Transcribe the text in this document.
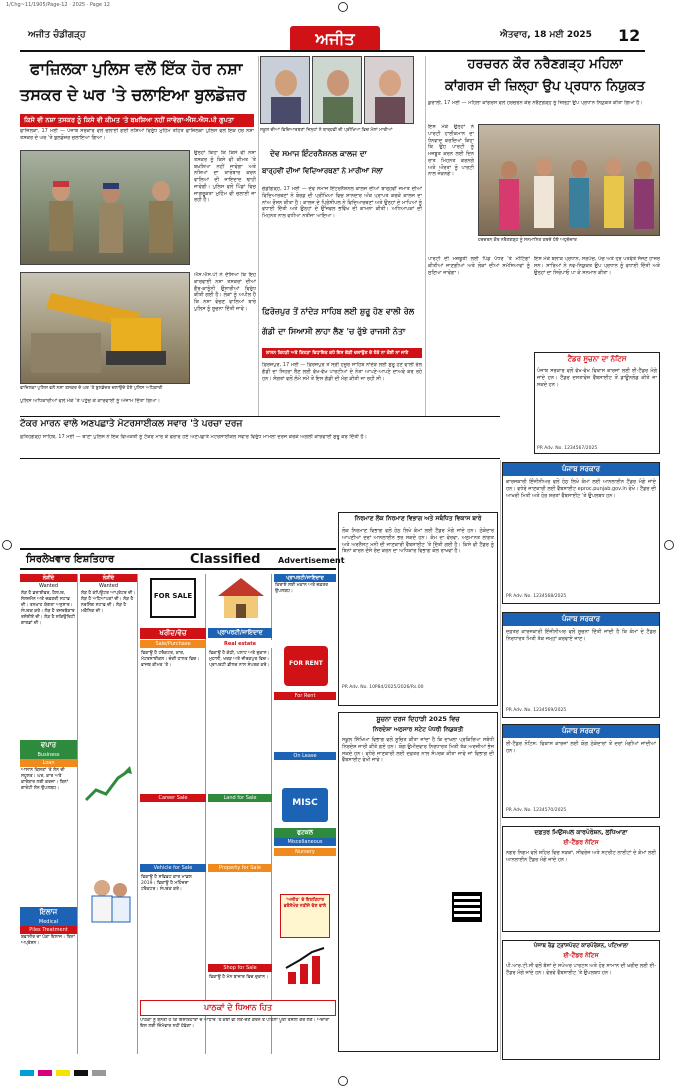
1/Chg~11/1905/Page-12 · 2025 · Page 12
ਅਜੀਤ ਚੰਡੀਗੜ੍ਹ	ਅਜੀਤ	ਐਤਵਾਰ, 18 ਮਈ 2025 12
ਫਾਜ਼ਿਲਕਾ ਪੁਲਿਸ ਵਲੋਂ ਇੱਕ ਹੋਰ ਨਸ਼ਾ
ਤਸਕਰ ਦੇ ਘਰ 'ਤੇ ਚਲਾਇਆ ਬੁਲਡੋਜ਼ਰ
ਕਿਸੇ ਵੀ ਨਸ਼ਾ ਤਸਕਰ ਨੂੰ ਕਿਸੇ ਵੀ ਕੀਮਤ 'ਤੇ ਬਖ਼ਸ਼ਿਆ ਨਹੀਂ ਜਾਵੇਗਾ-ਐਸ.ਐਸ.ਪੀ ਗੁਪਤਾ
ਫਾਜ਼ਿਲਕਾ, 17 ਮਈ — ਪੰਜਾਬ ਸਰਕਾਰ ਵਲੋਂ ਚਲਾਈ ਗਈ ਨਸ਼ਿਆਂ ਵਿਰੁੱਧ ਮੁਹਿੰਮ ਤਹਿਤ ਫਾਜ਼ਿਲਕਾ ਪੁਲਿਸ ਵਲੋਂ ਇਕ ਹੋਰ ਨਸ਼ਾ ਤਸਕਰ ਦੇ ਘਰ 'ਤੇ ਬੁਲਡੋਜ਼ਰ ਚਲਾਇਆ ਗਿਆ।
ਉਨ੍ਹਾਂ ਕਿਹਾ ਕਿ ਕਿਸੇ ਵੀ ਨਸ਼ਾ ਤਸਕਰ ਨੂੰ ਕਿਸੇ ਵੀ ਕੀਮਤ 'ਤੇ ਬਖ਼ਸ਼ਿਆ ਨਹੀਂ ਜਾਵੇਗਾ ਅਤੇ ਨਸ਼ਿਆਂ ਦਾ ਕਾਰੋਬਾਰ ਕਰਨ ਵਾਲਿਆਂ ਦੀ ਜਾਇਦਾਦ ਢਾਹੀ ਜਾਵੇਗੀ। ਪੁਲਿਸ ਵਲੋਂ ਪਿੰਡਾਂ ਵਿਚ ਜਾਗਰੂਕਤਾ ਮੁਹਿੰਮ ਵੀ ਚਲਾਈ ਜਾ ਰਹੀ ਹੈ।
ਐਸ.ਐਸ.ਪੀ ਨੇ ਦੱਸਿਆ ਕਿ ਇਹ ਕਾਰਵਾਈ ਨਸ਼ਾ ਤਸਕਰਾਂ ਦੀਆਂ ਗੈਰ-ਕਾਨੂੰਨੀ ਉਸਾਰੀਆਂ ਵਿਰੁੱਧ ਕੀਤੀ ਗਈ ਹੈ। ਲੋਕਾਂ ਨੂੰ ਅਪੀਲ ਹੈ ਕਿ ਨਸ਼ਾ ਵੇਚਣ ਵਾਲਿਆਂ ਬਾਰੇ ਪੁਲਿਸ ਨੂੰ ਸੂਚਨਾ ਦਿੱਤੀ ਜਾਵੇ।
ਫਾਜ਼ਿਲਕਾ ਪੁਲਿਸ ਵਲੋਂ ਨਸ਼ਾ ਤਸਕਰ ਦੇ ਘਰ 'ਤੇ ਬੁਲਡੋਜ਼ਰ ਚਲਾਉਂਦੇ ਹੋਏ ਪੁਲਿਸ ਅਧਿਕਾਰੀ
ਪੁਲਿਸ ਅਧਿਕਾਰੀਆਂ ਵਲੋਂ ਮੌਕੇ 'ਤੇ ਪਹੁੰਚ ਕੇ ਕਾਰਵਾਈ ਨੂੰ ਅੰਜਾਮ ਦਿੱਤਾ ਗਿਆ।
ਟੱਕਰ ਮਾਰਨ ਵਾਲੇ ਅਣਪਛਾਤੇ ਮੋਟਰਸਾਈਕਲ ਸਵਾਰ 'ਤੇ ਪਰਚਾ ਦਰਜ
ਫ਼ਤਿਹਗੜ੍ਹ ਸਾਹਿਬ, 17 ਮਈ — ਥਾਣਾ ਪੁਲਿਸ ਨੇ ਇਕ ਵਿਅਕਤੀ ਨੂੰ ਟੱਕਰ ਮਾਰ ਕੇ ਫਰਾਰ ਹੋਏ ਅਣਪਛਾਤੇ ਮੋਟਰਸਾਈਕਲ ਸਵਾਰ ਵਿਰੁੱਧ ਮਾਮਲਾ ਦਰਜ ਕਰਕੇ ਅਗਲੀ ਕਾਰਵਾਈ ਸ਼ੁਰੂ ਕਰ ਦਿੱਤੀ ਹੈ।
ਸਕੂਲ ਦੀਆਂ ਵਿਦਿਆਰਥਣਾਂ ਜਿਨ੍ਹਾਂ ਨੇ ਬਾਰ੍ਹਵੀਂ ਦੀ ਪ੍ਰੀਖਿਆ ਵਿਚ ਮੱਲਾਂ ਮਾਰੀਆਂ
ਦੇਵ ਸਮਾਜ ਇੰਟਰਨੈਸ਼ਨਲ ਕਾਲਜ ਦਾ
ਬਾਰ੍ਹਵੀਂ ਦੀਆਂ ਵਿਦਿਆਰਥਣਾਂ ਨੇ ਮਾਰੀਆਂ ਮੱਲਾਂ
ਚੰਡੀਗੜ੍ਹ, 17 ਮਈ — ਦੇਵ ਸਮਾਜ ਇੰਟਰਨੈਸ਼ਨਲ ਕਾਲਜ ਦੀਆਂ ਬਾਰ੍ਹਵੀਂ ਜਮਾਤ ਦੀਆਂ ਵਿਦਿਆਰਥਣਾਂ ਨੇ ਬੋਰਡ ਦੀ ਪ੍ਰੀਖਿਆ ਵਿਚ ਸ਼ਾਨਦਾਰ ਅੰਕ ਪ੍ਰਾਪਤ ਕਰਕੇ ਕਾਲਜ ਦਾ ਨਾਂਅ ਰੌਸ਼ਨ ਕੀਤਾ ਹੈ। ਕਾਲਜ ਦੇ ਪ੍ਰਿੰਸੀਪਲ ਨੇ ਵਿਦਿਆਰਥਣਾਂ ਅਤੇ ਉਨ੍ਹਾਂ ਦੇ ਮਾਪਿਆਂ ਨੂੰ ਵਧਾਈ ਦਿੱਤੀ ਅਤੇ ਉਨ੍ਹਾਂ ਦੇ ਉੱਜਵਲ ਭਵਿੱਖ ਦੀ ਕਾਮਨਾ ਕੀਤੀ। ਅਧਿਆਪਕਾਂ ਦੀ ਮਿਹਨਤ ਨਾਲ ਵਧੀਆ ਨਤੀਜਾ ਆਇਆ।
ਹਰਚਰਨ ਕੌਰ ਨਰੈਣਗੜ੍ਹ ਮਹਿਲਾ
ਕਾਂਗਰਸ ਦੀ ਜ਼ਿਲ੍ਹਾ ਉਪ ਪ੍ਰਧਾਨ ਨਿਯੁਕਤ
ਕੁਰਾਲੀ, 17 ਮਈ — ਮਹਿਲਾ ਕਾਂਗਰਸ ਵਲੋਂ ਹਰਚਰਨ ਕੌਰ ਨਰੈਣਗੜ੍ਹ ਨੂੰ ਜ਼ਿਲ੍ਹਾ ਉਪ ਪ੍ਰਧਾਨ ਨਿਯੁਕਤ ਕੀਤਾ ਗਿਆ ਹੈ।
ਇਸ ਮੌਕੇ ਉਨ੍ਹਾਂ ਨੇ ਪਾਰਟੀ ਹਾਈਕਮਾਨ ਦਾ ਧੰਨਵਾਦ ਕਰਦਿਆਂ ਕਿਹਾ ਕਿ ਉਹ ਪਾਰਟੀ ਨੂੰ ਮਜ਼ਬੂਤ ਕਰਨ ਲਈ ਦਿਨ ਰਾਤ ਮਿਹਨਤ ਕਰਨਗੇ ਅਤੇ ਔਰਤਾਂ ਨੂੰ ਪਾਰਟੀ ਨਾਲ ਜੋੜਨਗੇ।
ਹਰਚਰਨ ਕੌਰ ਨਰੈਣਗੜ੍ਹ ਨੂੰ ਸਨਮਾਨਿਤ ਕਰਦੇ ਹੋਏ ਅਹੁਦੇਦਾਰ
ਇਸ ਮੌਕੇ ਬਲਾਕ ਪ੍ਰਧਾਨ, ਸਰਪੰਚ, ਪੰਚ ਅਤੇ ਹੋਰ ਪਤਵੰਤੇ ਸੱਜਣ ਹਾਜ਼ਰ ਸਨ। ਸਾਰਿਆਂ ਨੇ ਨਵ-ਨਿਯੁਕਤ ਉਪ ਪ੍ਰਧਾਨ ਨੂੰ ਵਧਾਈ ਦਿੱਤੀ ਅਤੇ ਉਨ੍ਹਾਂ ਦਾ ਸਿਰੋਪਾਓ ਪਾ ਕੇ ਸਨਮਾਨ ਕੀਤਾ।
ਪਾਰਟੀ ਦੀ ਮਜ਼ਬੂਤੀ ਲਈ ਪਿੰਡ ਪੱਧਰ 'ਤੇ ਮੀਟਿੰਗਾਂ ਕੀਤੀਆਂ ਜਾਣਗੀਆਂ ਅਤੇ ਲੋਕਾਂ ਦੀਆਂ ਸਮੱਸਿਆਵਾਂ ਨੂੰ ਸੁਣਿਆ ਜਾਵੇਗਾ।
ਫ਼ਿਰੋਜ਼ਪੁਰ ਤੋਂ ਨਾਂਦੇੜ ਸਾਹਿਬ ਲਈ ਸ਼ੁਰੂ ਹੋਣ ਵਾਲੀ ਰੇਲ
ਗੱਡੀ ਦਾ ਸਿਆਸੀ ਲਾਹਾ ਲੈਣ 'ਚ ਰੁੱਝੇ ਰਾਜਸੀ ਨੇਤਾ
ਸ਼ਾਸਨ ਕਿਹੜੀ ਅਤੇ ਕਿਹੜਾ ਵਿਧਾਇਕ ਕਹੇ ਇਸ ਗੱਡੀ ਚਲਾਉਣ ਦੇ ਹੱਕੇ ਨਾ ਕੋਈ ਨਾ ਜਾਣੇ
ਫ਼ਿਰੋਜ਼ਪੁਰ, 17 ਮਈ — ਫ਼ਿਰੋਜ਼ਪੁਰ ਤੋਂ ਸ੍ਰੀ ਹਜ਼ੂਰ ਸਾਹਿਬ ਨਾਂਦੇੜ ਲਈ ਸ਼ੁਰੂ ਹੋਣ ਵਾਲੀ ਰੇਲ ਗੱਡੀ ਦਾ ਸਿਹਰਾ ਲੈਣ ਲਈ ਵੱਖ-ਵੱਖ ਪਾਰਟੀਆਂ ਦੇ ਨੇਤਾ ਆਪਣੇ-ਆਪਣੇ ਦਾਅਵੇ ਕਰ ਰਹੇ ਹਨ। ਸੰਗਤਾਂ ਵਲੋਂ ਲੰਮੇ ਸਮੇਂ ਤੋਂ ਇਸ ਗੱਡੀ ਦੀ ਮੰਗ ਕੀਤੀ ਜਾ ਰਹੀ ਸੀ।
ਟੈਂਡਰ ਸੂਚਨਾ ਦਾ ਨੋਟਿਸ
ਪੰਜਾਬ ਸਰਕਾਰ ਵਲੋਂ ਵੱਖ-ਵੱਖ ਵਿਕਾਸ ਕਾਰਜਾਂ ਲਈ ਈ-ਟੈਂਡਰ ਮੰਗੇ ਜਾਂਦੇ ਹਨ। ਟੈਂਡਰ ਦਸਤਾਵੇਜ਼ ਵੈੱਬਸਾਈਟ ਤੋਂ ਡਾਊਨਲੋਡ ਕੀਤੇ ਜਾ ਸਕਦੇ ਹਨ।
PR Adv. No. 1234567/2025
ਪੰਜਾਬ ਸਰਕਾਰ
ਕਾਰਜਕਾਰੀ ਇੰਜੀਨੀਅਰ ਵਲੋਂ ਹੇਠ ਲਿਖੇ ਕੰਮਾਂ ਲਈ ਆਨਲਾਈਨ ਟੈਂਡਰ ਮੰਗੇ ਜਾਂਦੇ ਹਨ। ਵਧੇਰੇ ਜਾਣਕਾਰੀ ਲਈ ਵੈੱਬਸਾਈਟ eproc.punjab.gov.in ਵੇਖੋ। ਟੈਂਡਰ ਦੀ ਆਖ਼ਰੀ ਮਿਤੀ ਅਤੇ ਹੋਰ ਸ਼ਰਤਾਂ ਵੈੱਬਸਾਈਟ 'ਤੇ ਉਪਲਬਧ ਹਨ।
PR Adv. No. 1234568/2025
ਪੰਜਾਬ ਸਰਕਾਰ
ਦਫ਼ਤਰ ਕਾਰਜਕਾਰੀ ਇੰਜੀਨੀਅਰ ਵਲੋਂ ਸੂਚਨਾ ਦਿੱਤੀ ਜਾਂਦੀ ਹੈ ਕਿ ਕੰਮਾਂ ਦੇ ਟੈਂਡਰ ਨਿਰਧਾਰਤ ਮਿਤੀ ਤੱਕ ਜਮ੍ਹਾਂ ਕਰਵਾਏ ਜਾਣ।
PR Adv. No. 1234569/2025
ਪੰਜਾਬ ਸਰਕਾਰ
ਈ-ਟੈਂਡਰ ਨੋਟਿਸ: ਵਿਕਾਸ ਕਾਰਜਾਂ ਲਈ ਯੋਗ ਠੇਕੇਦਾਰਾਂ ਤੋਂ ਦਰਾਂ ਮੰਗੀਆਂ ਜਾਂਦੀਆਂ ਹਨ।
PR Adv. No. 1234570/2025
ਦਫ਼ਤਰ ਮਿਉਂਸਪਲ ਕਾਰਪੋਰੇਸ਼ਨ, ਲੁਧਿਆਣਾ
ਈ-ਟੈਂਡਰ ਨੋਟਿਸ
ਨਗਰ ਨਿਗਮ ਵਲੋਂ ਸ਼ਹਿਰ ਵਿਚ ਸੜਕਾਂ, ਸੀਵਰੇਜ ਅਤੇ ਸਟਰੀਟ ਲਾਈਟਾਂ ਦੇ ਕੰਮਾਂ ਲਈ ਆਨਲਾਈਨ ਟੈਂਡਰ ਮੰਗੇ ਜਾਂਦੇ ਹਨ।
ਪੰਜਾਬ ਰੋਡ ਟ੍ਰਾਂਸਪੋਰਟ ਕਾਰਪੋਰੇਸ਼ਨ, ਪਟਿਆਲਾ
ਈ-ਟੈਂਡਰ ਨੋਟਿਸ
ਪੀ.ਆਰ.ਟੀ.ਸੀ ਵਲੋਂ ਬੱਸਾਂ ਦੇ ਸਪੇਅਰ ਪਾਰਟਸ ਅਤੇ ਹੋਰ ਸਾਮਾਨ ਦੀ ਖ਼ਰੀਦ ਲਈ ਈ-ਟੈਂਡਰ ਮੰਗੇ ਜਾਂਦੇ ਹਨ। ਵੇਰਵੇ ਵੈੱਬਸਾਈਟ 'ਤੇ ਉਪਲਬਧ ਹਨ।
ਨਿਰਮਾਣ ਲੋਕ ਨਿਰਮਾਣ ਵਿਭਾਗ ਅਤੇ ਸਬੰਧਿਤ ਵਿਕਾਸ ਬਾਰੇ
ਲੋਕ ਨਿਰਮਾਣ ਵਿਭਾਗ ਵਲੋਂ ਹੇਠ ਲਿਖੇ ਕੰਮਾਂ ਲਈ ਟੈਂਡਰ ਮੰਗੇ ਜਾਂਦੇ ਹਨ। ਠੇਕੇਦਾਰ ਆਪਣੀਆਂ ਦਰਾਂ ਆਨਲਾਈਨ ਭਰ ਸਕਦੇ ਹਨ। ਕੰਮ ਦਾ ਵੇਰਵਾ, ਅਨੁਮਾਨਤ ਲਾਗਤ ਅਤੇ ਅਰਨੈਸਟ ਮਨੀ ਦੀ ਜਾਣਕਾਰੀ ਵੈੱਬਸਾਈਟ 'ਤੇ ਦਿੱਤੀ ਗਈ ਹੈ। ਕਿਸੇ ਵੀ ਟੈਂਡਰ ਨੂੰ ਬਿਨਾਂ ਕਾਰਨ ਦੱਸੇ ਰੱਦ ਕਰਨ ਦਾ ਅਧਿਕਾਰ ਵਿਭਾਗ ਕੋਲ ਰਾਖਵਾਂ ਹੈ।
PR Adv. No. 10P84/2025/2026/Rs.00
ਸੂਚਨਾ ਦਰਜ ਦਿਹਾੜੀ 2025 ਵਿਚ
ਨਿਰਦੇਸ਼ਾ ਅਨੁਸਾਰ ਸਟੇਟ ਪੱਧਰੀ ਨਿਯੁਕਤੀ
ਸਕੂਲ ਸਿੱਖਿਆ ਵਿਭਾਗ ਵਲੋਂ ਸੂਚਿਤ ਕੀਤਾ ਜਾਂਦਾ ਹੈ ਕਿ ਦਾਖ਼ਲਾ ਪ੍ਰਕਿਰਿਆ ਸਬੰਧੀ ਨਿਰਦੇਸ਼ ਜਾਰੀ ਕੀਤੇ ਗਏ ਹਨ। ਯੋਗ ਉਮੀਦਵਾਰ ਨਿਰਧਾਰਤ ਮਿਤੀ ਤੱਕ ਅਰਜ਼ੀਆਂ ਭੇਜ ਸਕਦੇ ਹਨ। ਵਧੇਰੇ ਜਾਣਕਾਰੀ ਲਈ ਦਫ਼ਤਰ ਨਾਲ ਸੰਪਰਕ ਕੀਤਾ ਜਾਵੇ ਜਾਂ ਵਿਭਾਗ ਦੀ ਵੈੱਬਸਾਈਟ ਵੇਖੀ ਜਾਵੇ।
ਸਿਰਲੇਖਵਾਰ ਇਸ਼ਤਿਹਾਰ	Classified Advertisement
ਲੋੜੀਂਦੇ
Wanted
ਲੋੜ ਹੈ ਡਰਾਈਵਰ, ਹੈਲਪਰ, ਸੇਲਜ਼ਮੈਨ ਅਤੇ ਦਫ਼ਤਰੀ ਸਟਾਫ਼ ਦੀ। ਤਨਖ਼ਾਹ ਯੋਗਤਾ ਅਨੁਸਾਰ। ਸੰਪਰਕ ਕਰੋ। ਲੋੜ ਹੈ ਤਜਰਬੇਕਾਰ ਰਸੋਈਏ ਦੀ। ਲੋੜ ਹੈ ਸਕਿਉਰਿਟੀ ਗਾਰਡਾਂ ਦੀ।
ਵਪਾਰ
Business
Loan
ਆਸਾਨ ਕਿਸ਼ਤਾਂ 'ਤੇ ਲੋਨ ਦੀ ਸਹੂਲਤ। ਘਰ, ਕਾਰ ਅਤੇ ਕਾਰੋਬਾਰ ਲਈ ਕਰਜ਼ਾ। ਬਿਨਾਂ ਗਾਰੰਟੀ ਲੋਨ ਉਪਲਬਧ।
ਇਲਾਜ
Medical
Piles Treatment
ਬਵਾਸੀਰ ਦਾ ਪੱਕਾ ਇਲਾਜ। ਬਿਨਾਂ ਅਪ੍ਰੇਸ਼ਨ।
ਲੋੜੀਂਦੇ
Wanted
ਲੋੜ ਹੈ ਕੰਪਿਊਟਰ ਆਪ੍ਰੇਟਰ ਦੀ। ਲੋੜ ਹੈ ਅਧਿਆਪਕਾਂ ਦੀ। ਲੋੜ ਹੈ ਨਰਸਿੰਗ ਸਟਾਫ਼ ਦੀ। ਲੋੜ ਹੈ ਮਕੈਨਿਕ ਦੀ।
FOR SALE
ਖਰੀਦ/ਵੇਚ
Sale/Purchase
ਵਿਕਾਊ ਹੈ ਟਰੈਕਟਰ, ਕਾਰ, ਮੋਟਰਸਾਈਕਲ। ਚੰਗੀ ਹਾਲਤ ਵਿਚ। ਵਾਜਬ ਕੀਮਤ 'ਤੇ।
Career Sale
Vehicle for Sale
ਵਿਕਾਊ ਹੈ ਸਵਿਫ਼ਟ ਕਾਰ ਮਾਡਲ 2019। ਵਿਕਾਊ ਹੈ ਮਹਿੰਦਰਾ ਟਰੈਕਟਰ। ਸੰਪਰਕ ਕਰੋ।
ਪ੍ਰਾਪਰਟੀ/ਜਾਇਦਾਦ
Real estate
ਵਿਕਾਊ ਹੈ ਕੋਠੀ, ਪਲਾਟ ਅਤੇ ਦੁਕਾਨ। ਮੁਹਾਲੀ, ਖਰੜ ਅਤੇ ਜ਼ੀਰਕਪੁਰ ਵਿਚ। ਪ੍ਰਾਪਰਟੀ ਡੀਲਰ ਨਾਲ ਸੰਪਰਕ ਕਰੋ।
Land for Sale
Property for Sale
Shop for Sale
ਵਿਕਾਊ ਹੈ ਮੇਨ ਬਾਜ਼ਾਰ ਵਿਚ ਦੁਕਾਨ।
ਪ੍ਰਾਪਰਟੀ/ਜਾਇਦਾਦ
ਕਿਰਾਏ ਲਈ ਮਕਾਨ ਅਤੇ ਦਫ਼ਤਰ ਉਪਲਬਧ।
FOR RENT
For Rent
On Lease
MISC
ਫੁਟਕਲ
Miscellaneous
Nursery
'ਅਜੀਤ' ਦੇ ਇਸ਼ਤਿਹਾਰ ਭਰੋਸੇਮੰਦ ਨਤੀਜੇ ਦੇਣ ਵਾਲੇ
ਪਾਠਕਾਂ ਦੇ ਧਿਆਨ ਹਿਤ
ਪਾਠਕਾਂ ਨੂੰ ਬੇਨਤੀ ਹੈ ਕਿ ਇਸ਼ਤਿਹਾਰਾਂ ਦੇ ਆਧਾਰ 'ਤੇ ਕੋਈ ਵੀ ਲੈਣ-ਦੇਣ ਕਰਨ ਤੋਂ ਪਹਿਲਾਂ ਪੂਰੀ ਤਸੱਲੀ ਕਰ ਲੈਣ। ਅਦਾਰਾ ਇਸ ਲਈ ਜ਼ਿੰਮੇਵਾਰ ਨਹੀਂ ਹੋਵੇਗਾ।
